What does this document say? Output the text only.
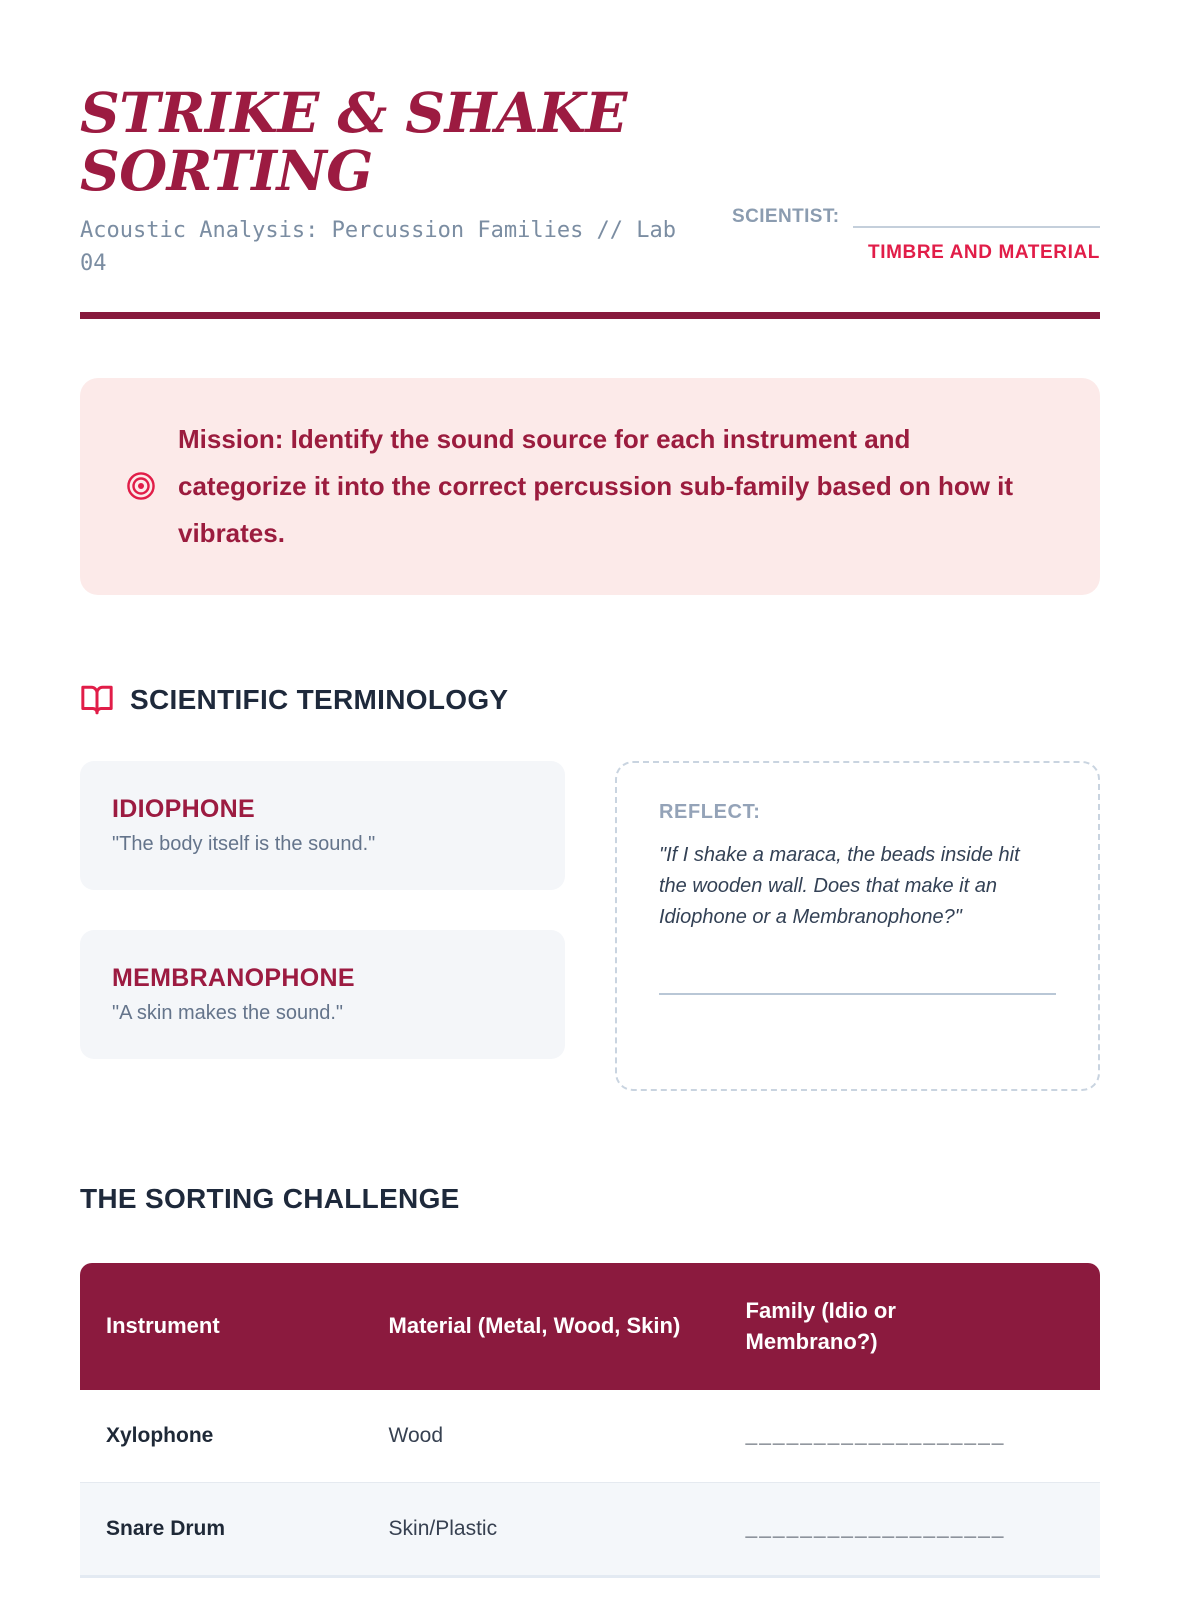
STRIKE & SHAKE
SORTING

Acoustic Analysis: Percussion Families // Lab 04

SCIENTIST:
TIMBRE AND MATERIAL

Mission: Identify the sound source for each instrument and categorize it into the correct percussion sub-family based on how it vibrates.

SCIENTIFIC TERMINOLOGY
IDIOPHONE
"The body itself is the sound."
MEMBRANOPHONE
"A skin makes the sound."
REFLECT:

"If I shake a maraca, the beads inside hit the wooden wall. Does that make it an Idiophone or a Membranophone?"

THE SORTING CHALLENGE
Instrument	Material (Metal, Wood, Skin)	Family (Idio or Membrano?)
Xylophone	Wood	___________________
Snare Drum	Skin/Plastic	___________________
